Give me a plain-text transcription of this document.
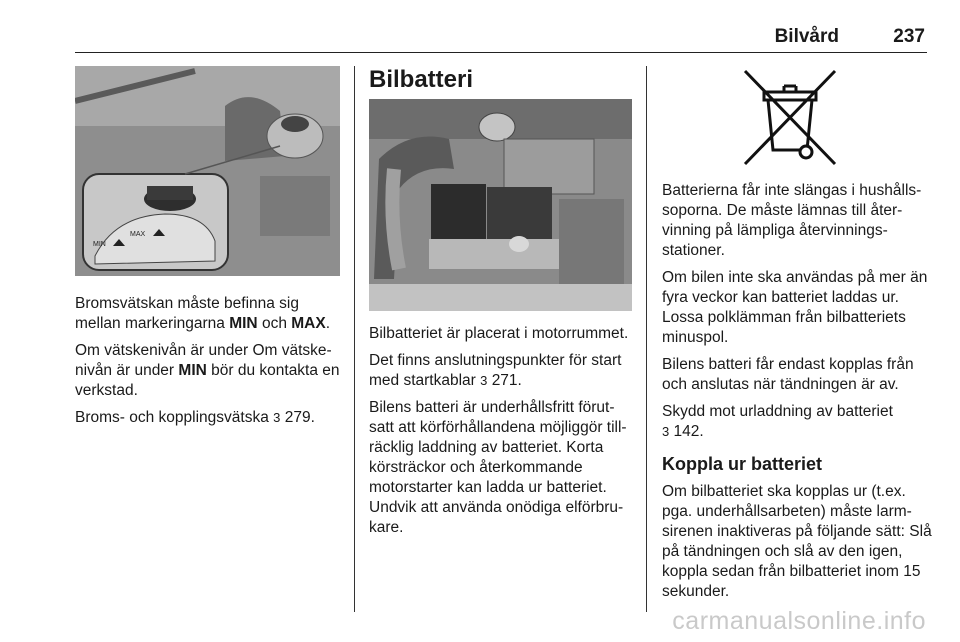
Bilvård	237
MAX
MIN

Bromsvätskan måste befinna sig mellan markeringarna MIN och MAX.

Om vätskenivån är under Om vätske-nivån är under MIN bör du kontakta en verkstad.

Broms- och kopplingsvätska 3 279.

Bilbatteri

Bilbatteriet är placerat i motorrummet.

Det finns anslutningspunkter för start med startkablar 3 271.

Bilens batteri är underhållsfritt förut-satt att körförhållandena möjliggör till-räcklig laddning av batteriet. Korta körsträckor och återkommande motorstarter kan ladda ur batteriet. Undvik att använda onödiga elförbru-kare.

Batterierna får inte slängas i hushålls-soporna. De måste lämnas till åter-vinning på lämpliga återvinnings-stationer.

Om bilen inte ska användas på mer än fyra veckor kan batteriet laddas ur. Lossa polklämman från bilbatteriets minuspol.

Bilens batteri får endast kopplas från och anslutas när tändningen är av.

Skydd mot urladdning av batteriet
3 142.

Koppla ur batteriet

Om bilbatteriet ska kopplas ur (t.ex. pga. underhållsarbeten) måste larm-sirenen inaktiveras på följande sätt: Slå på tändningen och slå av den igen, koppla sedan från bilbatteriet inom 15 sekunder.

carmanualsonline.info
